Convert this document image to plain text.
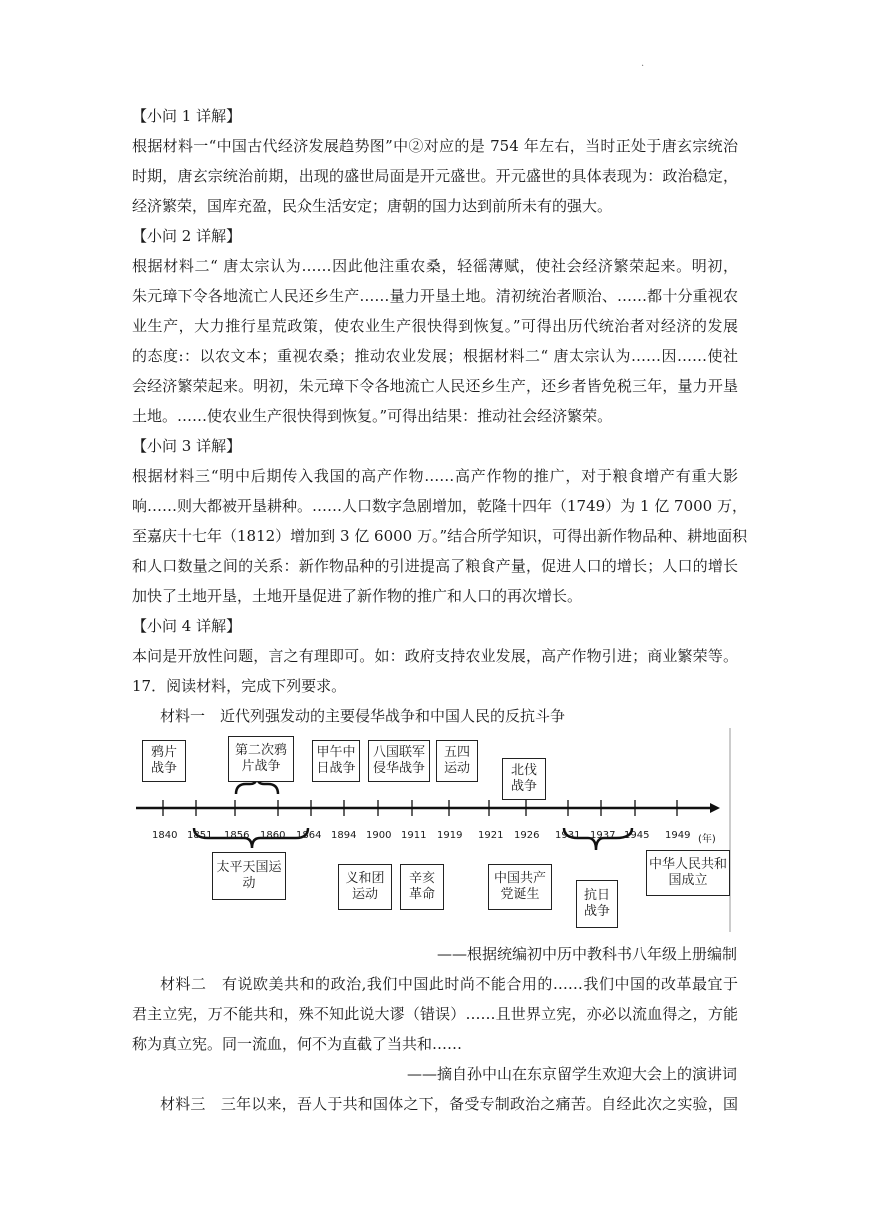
.
【小问 1 详解】
根据材料一“中国古代经济发展趋势图”中②对应的是 754 年左右，当时正处于唐玄宗统治
时期，唐玄宗统治前期，出现的盛世局面是开元盛世。开元盛世的具体表现为：政治稳定，
经济繁荣，国库充盈，民众生活安定；唐朝的国力达到前所未有的强大。
【小问 2 详解】
根据材料二“ 唐太宗认为……因此他注重农桑，轻徭薄赋，使社会经济繁荣起来。明初，
朱元璋下令各地流亡人民还乡生产……量力开垦土地。清初统治者顺治、……都十分重视农
业生产，大力推行星荒政策，使农业生产很快得到恢复。”可得出历代统治者对经济的发展
的态度:：以农文本；重视农桑；推动农业发展；根据材料二“ 唐太宗认为……因……使社
会经济繁荣起来。明初，朱元璋下令各地流亡人民还乡生产，还乡者皆免税三年，量力开垦
土地。……使农业生产很快得到恢复。”可得出结果：推动社会经济繁荣。
【小问 3 详解】
根据材料三“明中后期传入我国的高产作物……高产作物的推广，对于粮食增产有重大影
响……则大都被开垦耕种。……人口数字急剧增加，乾隆十四年（1749）为 1 亿 7000 万，
至嘉庆十七年（1812）增加到 3 亿 6000 万。”结合所学知识，可得出新作物品种、耕地面积
和人口数量之间的关系：新作物品种的引进提高了粮食产量，促进人口的增长；人口的增长
加快了土地开垦，土地开垦促进了新作物的推广和人口的再次增长。
【小问 4 详解】
本问是开放性问题，言之有理即可。如：政府支持农业发展，高产作物引进；商业繁荣等。
17．阅读材料，完成下列要求。
材料一　近代列强发动的主要侵华战争和中国人民的反抗斗争
1840 1851 1856 1860 1864 1894 1900 1911 1919 1921 1926 1931 1937 1945 1949 (年)
鸦片战争
第二次鸦片战争
甲午中日战争
八国联军侵华战争
五四运动	北伐战争
太平天国运动	义和团运动
辛亥革命
中国共产党诞生	抗日战争
中华人民共和国成立
——根据统编初中历中教科书八年级上册编制
材料二　有说欧美共和的政治,我们中国此时尚不能合用的……我们中国的改革最宜于
君主立宪，万不能共和，殊不知此说大谬（错误）……且世界立宪，亦必以流血得之，方能
称为真立宪。同一流血，何不为直截了当共和……
——摘自孙中山在东京留学生欢迎大会上的演讲词
材料三　三年以来，吾人于共和国体之下，备受专制政治之痛苦。自经此次之实验，国
